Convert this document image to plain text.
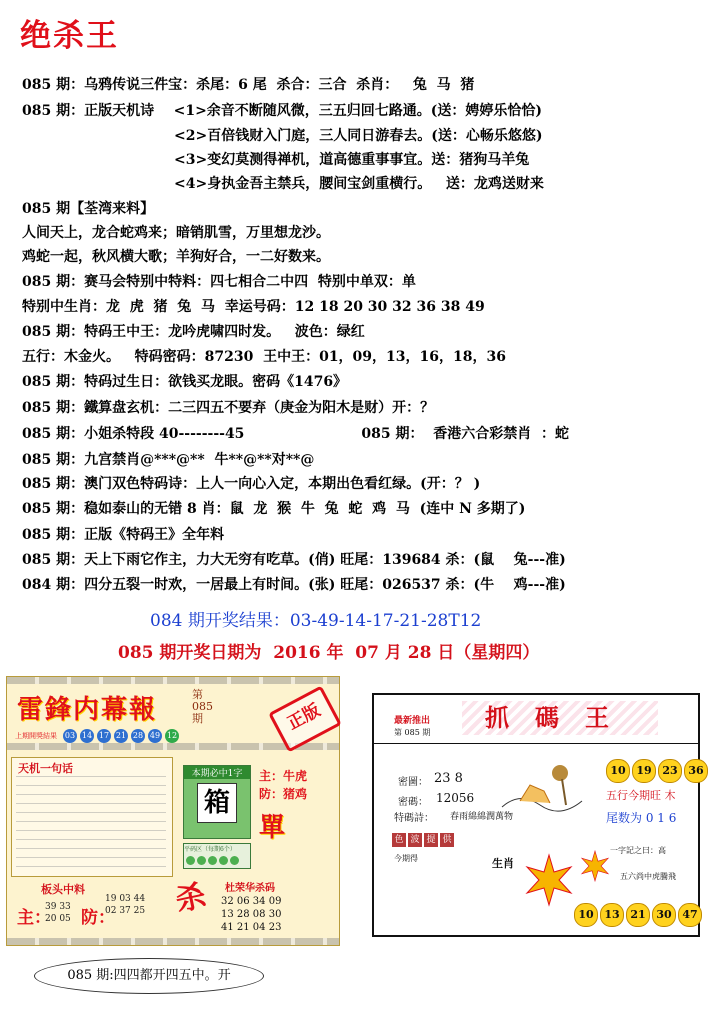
绝杀王
085 期：乌鸦传说三件宝：杀尾：6 尾  杀合：三合  杀肖：   兔  马  猪
085 期：正版天机诗    <1>余音不断随风微，三五归回七路通。(送：娉婷乐恰恰)
<2>百倍钱财入门庭，三人同日游春去。(送：心畅乐悠悠)
<3>变幻莫测得禅机，道高德重事事宜。送：猪狗马羊兔
<4>身执金吾主禁兵，腰间宝剑重横行。   送：龙鸡送财来
085 期【荃湾来料】
人间天上，龙合蛇鸡来；暗销肌雪，万里想龙沙。
鸡蛇一起，秋风横大歌；羊狗好合，一二好数来。
085 期：赛马会特别中特料：四七相合二中四  特别中单双：单
特别中生肖：龙  虎  猪  兔  马  幸运号码：12 18 20 30 32 36 38 49
085 期：特码王中王：龙吟虎啸四时发。   波色：绿红
五行：木金火。   特码密码：87230  王中王：01，09，13，16，18，36
085 期：特码过生日：欲钱买龙眼。密码《1476》
085 期：鐵算盘玄机：二三四五不要弃（庚金为阳木是财）开：？
085 期：小姐杀特段 40--------45                        085 期：  香港六合彩禁肖  ：蛇
085 期：九宫禁肖@***@**  牛**@**对**@
085 期：澳门双色特码诗：上人一向心入定，本期出色看红绿。(开：？ )
085 期：稳如泰山的无错 8 肖：鼠  龙  猴  牛  兔  蛇  鸡  马  (连中 N 多期了)
085 期：正版《特码王》全年料
085 期：天上下雨它作主，力大无穷有吃草。(俏) 旺尾：139684 杀：(鼠    兔---准)
084 期：四分五裂一时欢，一居最上有时间。(张) 旺尾：026537 杀：(牛    鸡---准)
084 期开奖结果：03-49-14-17-21-28T12
085 期开奖日期为  2016 年  07 月 28 日（星期四）
雷鋒内幕報
第085期	正版
上期開獎結果 03 14 17 21 28 49 12
天机一句话	本期必中1字
箱
主：牛虎
防：猪鸡
單
平码区（每期6个）
板头中料
主： 防：
39 33
20 05
19 03 44
02 37 25 杀 杜荣华杀码
32 06 34 09
13 28 08 30
41 21 04 23
最新推出
第 085 期
抓碼王
密圖： 23 8
密碼： 12056
特碼詩： 春雨綿綿潤萬物
10 19 23 36
五行今期旺 木
尾数为 0 1 6
色 波 提 供
今期得	生肖
一字記之曰：高
五六尚中虎騰飛
10 13 21 30 47
085 期:四四都开四五中。开
